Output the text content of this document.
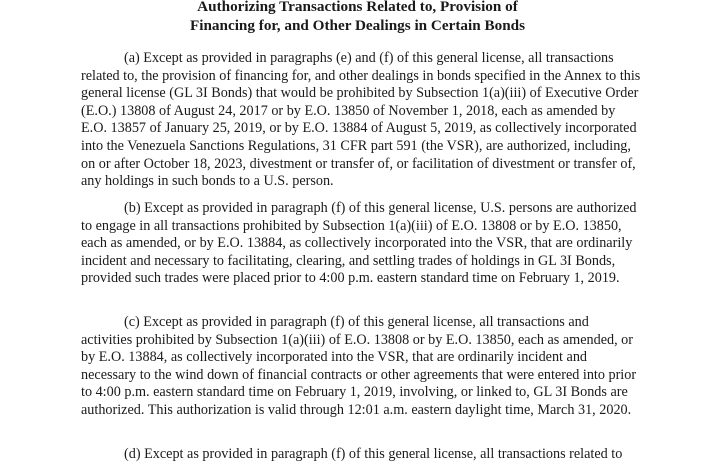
Authorizing Transactions Related to, Provision of
Financing for, and Other Dealings in Certain Bonds

(a) Except as provided in paragraphs (e) and (f) of this general license, all transactions related to, the provision of financing for, and other dealings in bonds specified in the Annex to this general license (GL 3I Bonds) that would be prohibited by Subsection 1(a)(iii) of Executive Order (E.O.) 13808 of August 24, 2017 or by E.O. 13850 of November 1, 2018, each as amended by E.O. 13857 of January 25, 2019, or by E.O. 13884 of August 5, 2019, as collectively incorporated into the Venezuela Sanctions Regulations, 31 CFR part 591 (the VSR), are authorized, including, on or after October 18, 2023, divestment or transfer of, or facilitation of divestment or transfer of, any holdings in such bonds to a U.S. person.

(b) Except as provided in paragraph (f) of this general license, U.S. persons are authorized to engage in all transactions prohibited by Subsection 1(a)(iii) of E.O. 13808 or by E.O. 13850, each as amended, or by E.O. 13884, as collectively incorporated into the VSR, that are ordinarily incident and necessary to facilitating, clearing, and settling trades of holdings in GL 3I Bonds, provided such trades were placed prior to 4:00 p.m. eastern standard time on February 1, 2019.

(c) Except as provided in paragraph (f) of this general license, all transactions and activities prohibited by Subsection 1(a)(iii) of E.O. 13808 or by E.O. 13850, each as amended, or by E.O. 13884, as collectively incorporated into the VSR, that are ordinarily incident and necessary to the wind down of financial contracts or other agreements that were entered into prior to 4:00 p.m. eastern standard time on February 1, 2019, involving, or linked to, GL 3I Bonds are authorized. This authorization is valid through 12:01 a.m. eastern daylight time, March 31, 2020.

(d) Except as provided in paragraph (f) of this general license, all transactions related to
